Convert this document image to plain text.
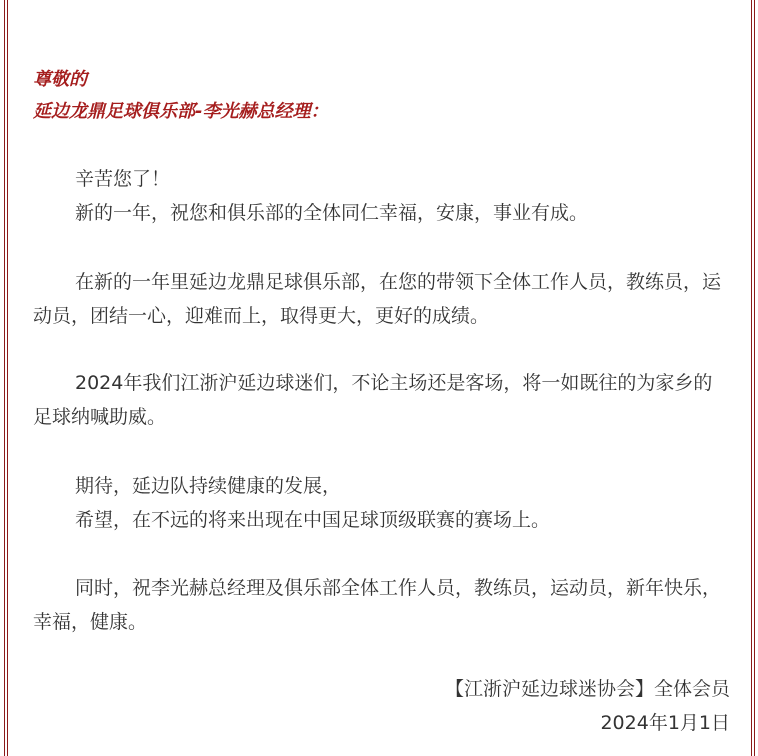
尊敬的
延边龙鼎足球俱乐部-李光赫总经理：

辛苦您了！

新的一年，祝您和俱乐部的全体同仁幸福，安康，事业有成。

在新的一年里延边龙鼎足球俱乐部，在您的带领下全体工作人员，教练员，运动员，团结一心，迎难而上，取得更大，更好的成绩。

2024年我们江浙沪延边球迷们，不论主场还是客场，将一如既往的为家乡的足球纳喊助威。

期待，延边队持续健康的发展，

希望，在不远的将来出现在中国足球顶级联赛的赛场上。

同时，祝李光赫总经理及俱乐部全体工作人员，教练员，运动员，新年快乐，幸福，健康。

【江浙沪延边球迷协会】全体会员
2024年1月1日
